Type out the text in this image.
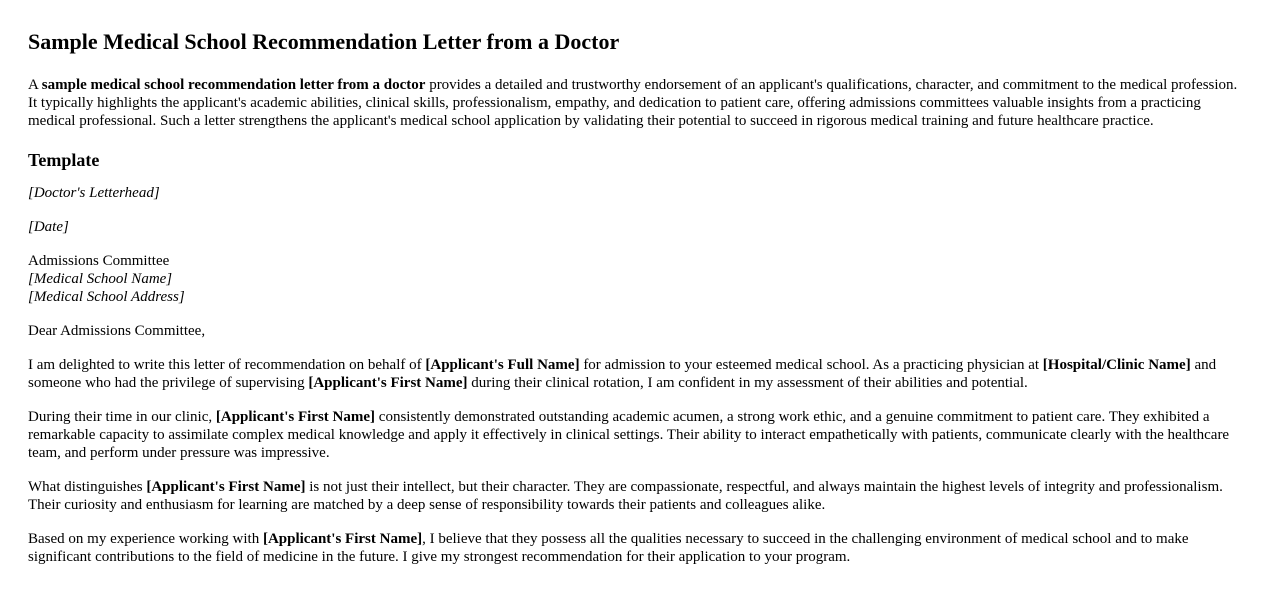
Sample Medical School Recommendation Letter from a Doctor

A sample medical school recommendation letter from a doctor provides a detailed and trustworthy endorsement of an applicant's qualifications, character, and commitment to the medical profession. It typically highlights the applicant's academic abilities, clinical skills, professionalism, empathy, and dedication to patient care, offering admissions committees valuable insights from a practicing medical professional. Such a letter strengthens the applicant's medical school application by validating their potential to succeed in rigorous medical training and future healthcare practice.

Template

[Doctor's Letterhead]

[Date]

Admissions Committee

[Medical School Name]

[Medical School Address]

Dear Admissions Committee,

I am delighted to write this letter of recommendation on behalf of [Applicant's Full Name] for admission to your esteemed medical school. As a practicing physician at [Hospital/Clinic Name] and someone who had the privilege of supervising [Applicant's First Name] during their clinical rotation, I am confident in my assessment of their abilities and potential.

During their time in our clinic, [Applicant's First Name] consistently demonstrated outstanding academic acumen, a strong work ethic, and a genuine commitment to patient care. They exhibited a remarkable capacity to assimilate complex medical knowledge and apply it effectively in clinical settings. Their ability to interact empathetically with patients, communicate clearly with the healthcare team, and perform under pressure was impressive.

What distinguishes [Applicant's First Name] is not just their intellect, but their character. They are compassionate, respectful, and always maintain the highest levels of integrity and professionalism. Their curiosity and enthusiasm for learning are matched by a deep sense of responsibility towards their patients and colleagues alike.

Based on my experience working with [Applicant's First Name], I believe that they possess all the qualities necessary to succeed in the challenging environment of medical school and to make significant contributions to the field of medicine in the future. I give my strongest recommendation for their application to your program.
